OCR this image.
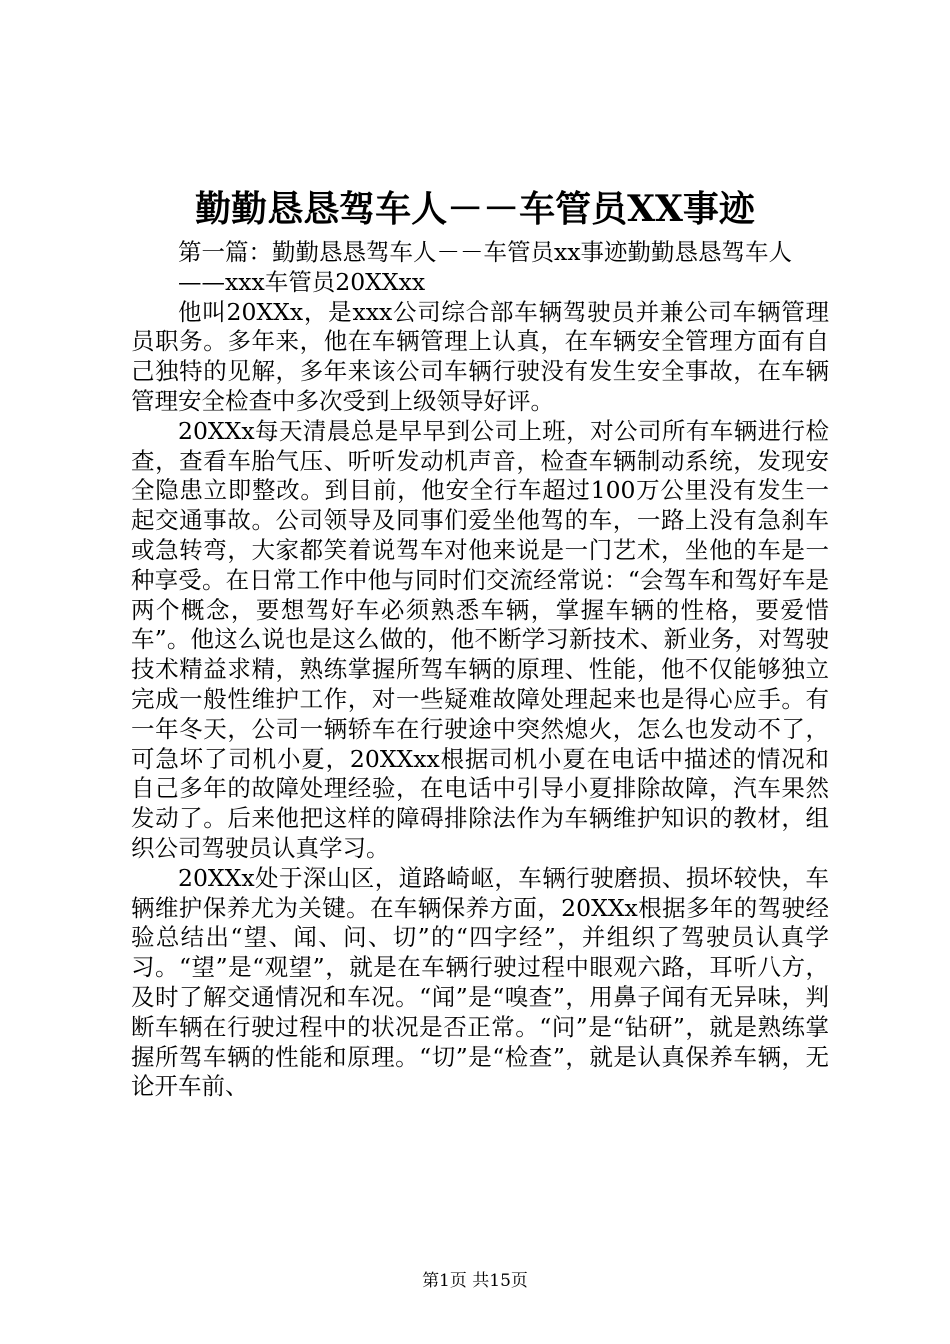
勤勤恳恳驾车人－－车管员XX事迹

第一篇：勤勤恳恳驾车人－－车管员xx事迹勤勤恳恳驾车人

——xxx车管员20XXxx

他叫20XXx，是xxx公司综合部车辆驾驶员并兼公司车辆管理员职务。多年来，他在车辆管理上认真，在车辆安全管理方面有自己独特的见解，多年来该公司车辆行驶没有发生安全事故，在车辆管理安全检查中多次受到上级领导好评。

20XXx每天清晨总是早早到公司上班，对公司所有车辆进行检查，查看车胎气压、听听发动机声音，检查车辆制动系统，发现安全隐患立即整改。到目前，他安全行车超过100万公里没有发生一起交通事故。公司领导及同事们爱坐他驾的车，一路上没有急刹车或急转弯，大家都笑着说驾车对他来说是一门艺术，坐他的车是一种享受。在日常工作中他与同时们交流经常说：“会驾车和驾好车是两个概念，要想驾好车必须熟悉车辆，掌握车辆的性格，要爱惜车”。他这么说也是这么做的，他不断学习新技术、新业务，对驾驶技术精益求精，熟练掌握所驾车辆的原理、性能，他不仅能够独立完成一般性维护工作，对一些疑难故障处理起来也是得心应手。有一年冬天，公司一辆轿车在行驶途中突然熄火，怎么也发动不了，可急坏了司机小夏，20XXxx根据司机小夏在电话中描述的情况和自己多年的故障处理经验，在电话中引导小夏排除故障，汽车果然发动了。后来他把这样的障碍排除法作为车辆维护知识的教材，组织公司驾驶员认真学习。

20XXx处于深山区，道路崎岖，车辆行驶磨损、损坏较快，车辆维护保养尤为关键。在车辆保养方面，20XXx根据多年的驾驶经验总结出“望、闻、问、切”的“四字经”，并组织了驾驶员认真学习。“望”是“观望”，就是在车辆行驶过程中眼观六路，耳听八方，及时了解交通情况和车况。“闻”是“嗅查”，用鼻子闻有无异味，判断车辆在行驶过程中的状况是否正常。“问”是“钻研”，就是熟练掌握所驾车辆的性能和原理。“切”是“检查”，就是认真保养车辆，无论开车前、

第1页 共15页
